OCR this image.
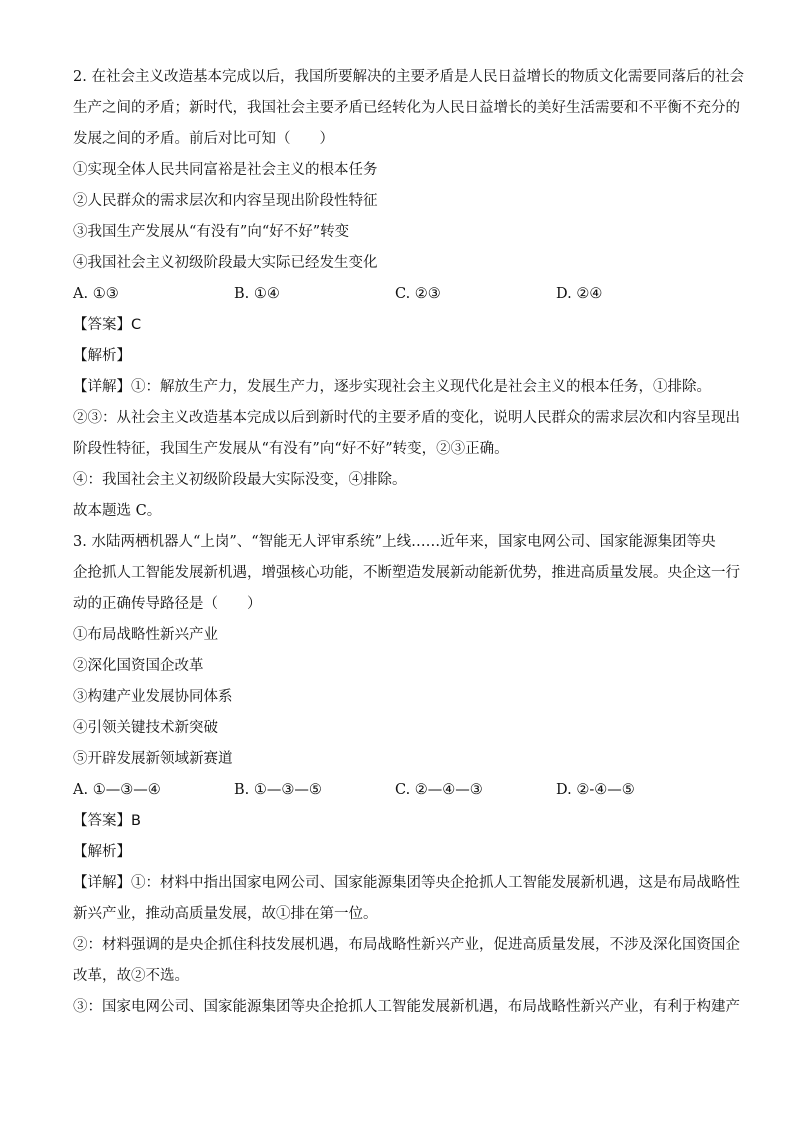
2. 在社会主义改造基本完成以后，我国所要解决的主要矛盾是人民日益增长的物质文化需要同落后的社会
生产之间的矛盾；新时代，我国社会主要矛盾已经转化为人民日益增长的美好生活需要和不平衡不充分的
发展之间的矛盾。前后对比可知（　　）
①实现全体人民共同富裕是社会主义的根本任务
②人民群众的需求层次和内容呈现出阶段性特征
③我国生产发展从“有没有”向“好不好”转变
④我国社会主义初级阶段最大实际已经发生变化
A. ①③	B. ①④	C. ②③	D. ②④
【答案】C
【解析】
【详解】①：解放生产力，发展生产力，逐步实现社会主义现代化是社会主义的根本任务，①排除。
②③：从社会主义改造基本完成以后到新时代的主要矛盾的变化，说明人民群众的需求层次和内容呈现出
阶段性特征，我国生产发展从“有没有”向“好不好”转变，②③正确。
④：我国社会主义初级阶段最大实际没变，④排除。
故本题选 C。
3. 水陆两栖机器人“上岗”、“智能无人评审系统”上线……近年来，国家电网公司、国家能源集团等央
企抢抓人工智能发展新机遇，增强核心功能，不断塑造发展新动能新优势，推进高质量发展。央企这一行
动的正确传导路径是（　　）
①布局战略性新兴产业
②深化国资国企改革
③构建产业发展协同体系
④引领关键技术新突破
⑤开辟发展新领域新赛道
A. ①—③—④	B. ①—③—⑤	C. ②—④—③	D. ②-④—⑤
【答案】B
【解析】
【详解】①：材料中指出国家电网公司、国家能源集团等央企抢抓人工智能发展新机遇，这是布局战略性
新兴产业，推动高质量发展，故①排在第一位。
②：材料强调的是央企抓住科技发展机遇，布局战略性新兴产业，促进高质量发展，不涉及深化国资国企
改革，故②不选。
③：国家电网公司、国家能源集团等央企抢抓人工智能发展新机遇，布局战略性新兴产业，有利于构建产
